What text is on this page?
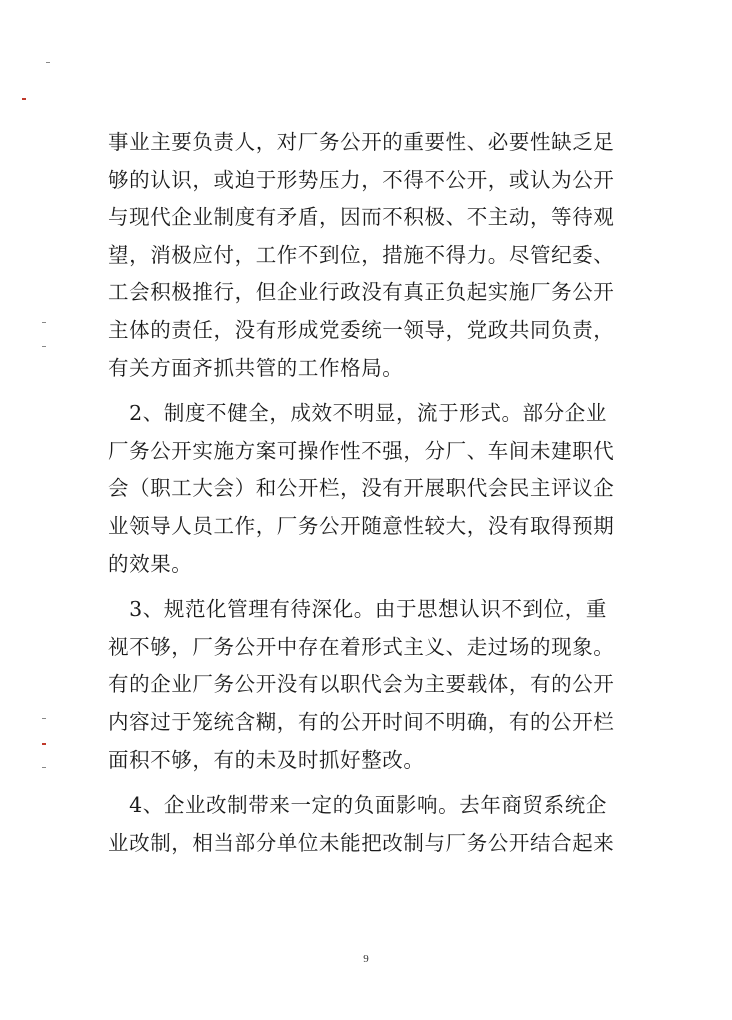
事业主要负责人，对厂务公开的重要性、必要性缺乏足
够的认识，或迫于形势压力，不得不公开，或认为公开
与现代企业制度有矛盾，因而不积极、不主动，等待观
望，消极应付，工作不到位，措施不得力。尽管纪委、
工会积极推行，但企业行政没有真正负起实施厂务公开
主体的责任，没有形成党委统一领导，党政共同负责，
有关方面齐抓共管的工作格局。
　2、制度不健全，成效不明显，流于形式。部分企业
厂务公开实施方案可操作性不强，分厂、车间未建职代
会（职工大会）和公开栏，没有开展职代会民主评议企
业领导人员工作，厂务公开随意性较大，没有取得预期
的效果。
　3、规范化管理有待深化。由于思想认识不到位，重
视不够，厂务公开中存在着形式主义、走过场的现象。
有的企业厂务公开没有以职代会为主要载体，有的公开
内容过于笼统含糊，有的公开时间不明确，有的公开栏
面积不够，有的未及时抓好整改。
　4、企业改制带来一定的负面影响。去年商贸系统企
业改制，相当部分单位未能把改制与厂务公开结合起来
9
